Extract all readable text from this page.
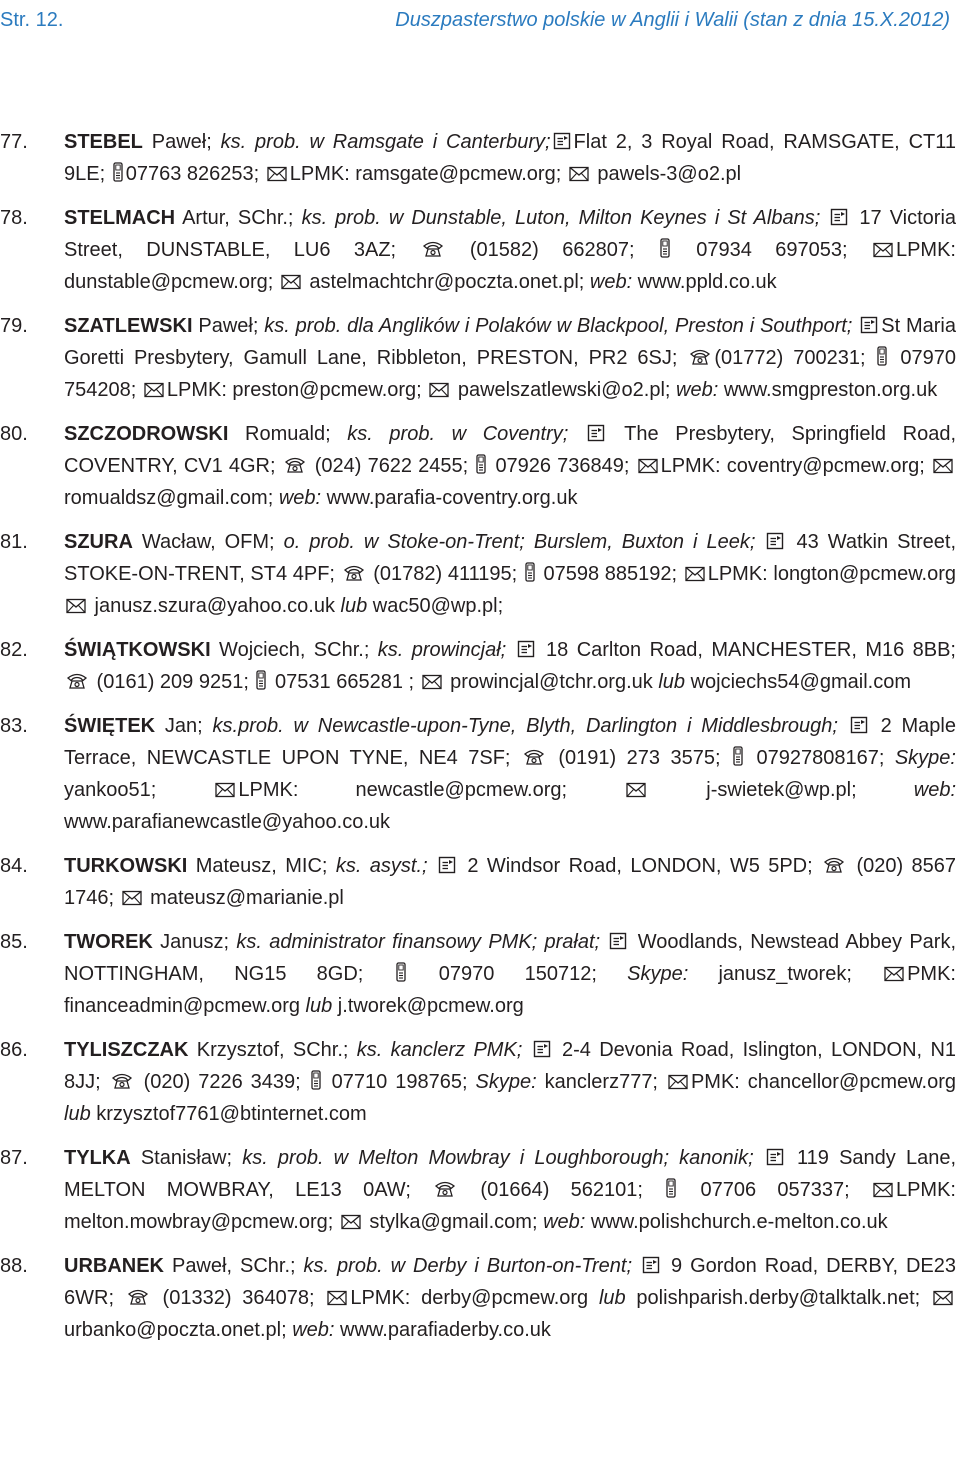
Str. 12.	Duszpasterstwo polskie w Anglii i Walii (stan z dnia 15.X.2012)
77.	STEBEL Paweł; ks. prob. w Ramsgate i Canterbury; Flat 2, 3 Royal Road, RAMSGATE, CT11 9LE;
07763 826253;
LPMK: ramsgate@pcmew.org;
pawels-3@o2.pl
78.	STELMACH Artur, SChr.; ks. prob. w Dunstable, Luton, Milton Keynes i St Albans;
17 Victoria Street, DUNSTABLE, LU6 3AZ;
(01582) 662807;
07934 697053;
LPMK: dunstable@pcmew.org;
astelmachtchr@poczta.onet.pl; web: www.ppld.co.uk
79.	SZATLEWSKI Paweł; ks. prob. dla Anglików i Polaków w Blackpool, Preston i Southport; St Maria Goretti Presbytery, Gamull Lane, Ribbleton, PRESTON, PR2 6SJ;
(01772) 700231;
07970 754208;
LPMK: preston@pcmew.org;
pawelszatlewski@o2.pl; web: www.smgpreston.org.uk
80.	SZCZODROWSKI Romuald; ks. prob. w Coventry;
The Presbytery, Springfield Road, COVENTRY, CV1 4GR;
(024) 7622 2455;
07926 736849;
LPMK: coventry@pcmew.org;
romualdsz@gmail.com; web: www.parafia-coventry.org.uk
81.	SZURA Wacław, OFM; o. prob. w Stoke-on-Trent; Burslem, Buxton i Leek;
43 Watkin Street, STOKE-ON-TRENT, ST4 4PF;
(01782) 411195;
07598 885192;
LPMK: longton@pcmew.org
janusz.szura@yahoo.co.uk lub wac50@wp.pl;
82.	ŚWIĄTKOWSKI Wojciech, SChr.; ks. prowincjał;
18 Carlton Road, MANCHESTER, M16 8BB;
(0161) 209 9251;
07531 665281 ;
prowincjal@tchr.org.uk lub wojciechs54@gmail.com
83.	ŚWIĘTEK Jan; ks.prob. w Newcastle-upon-Tyne, Blyth, Darlington i Middlesbrough;
2 Maple Terrace, NEWCASTLE UPON TYNE, NE4 7SF;
(0191) 273 3575;
07927808167; Skype: yankoo51;
LPMK: newcastle@pcmew.org;
j-swietek@wp.pl; web: www.parafianewcastle@yahoo.co.uk
84.	TURKOWSKI Mateusz, MIC; ks. asyst.;
2 Windsor Road, LONDON, W5 5PD;
(020) 8567 1746;
mateusz@marianie.pl
85.	TWOREK Janusz; ks. administrator finansowy PMK; prałat;
Woodlands, Newstead Abbey Park, NOTTINGHAM, NG15 8GD;
07970 150712; Skype: janusz_tworek;
PMK: financeadmin@pcmew.org lub j.tworek@pcmew.org
86.	TYLISZCZAK Krzysztof, SChr.; ks. kanclerz PMK;
2-4 Devonia Road, Islington, LONDON, N1 8JJ;
(020) 7226 3439;
07710 198765; Skype: kanclerz777;
PMK: chancellor@pcmew.org lub krzysztof7761@btinternet.com
87.	TYLKA Stanisław; ks. prob. w Melton Mowbray i Loughborough; kanonik;
119 Sandy Lane, MELTON MOWBRAY, LE13 0AW;
(01664) 562101;
07706 057337;
LPMK: melton.mowbray@pcmew.org;
stylka@gmail.com; web: www.polishchurch.e-melton.co.uk
88.	URBANEK Paweł, SChr.; ks. prob. w Derby i Burton-on-Trent;
9 Gordon Road, DERBY, DE23 6WR;
(01332) 364078;
LPMK: derby@pcmew.org lub polishparish.derby@talktalk.net;
urbanko@poczta.onet.pl; web: www.parafiaderby.co.uk
